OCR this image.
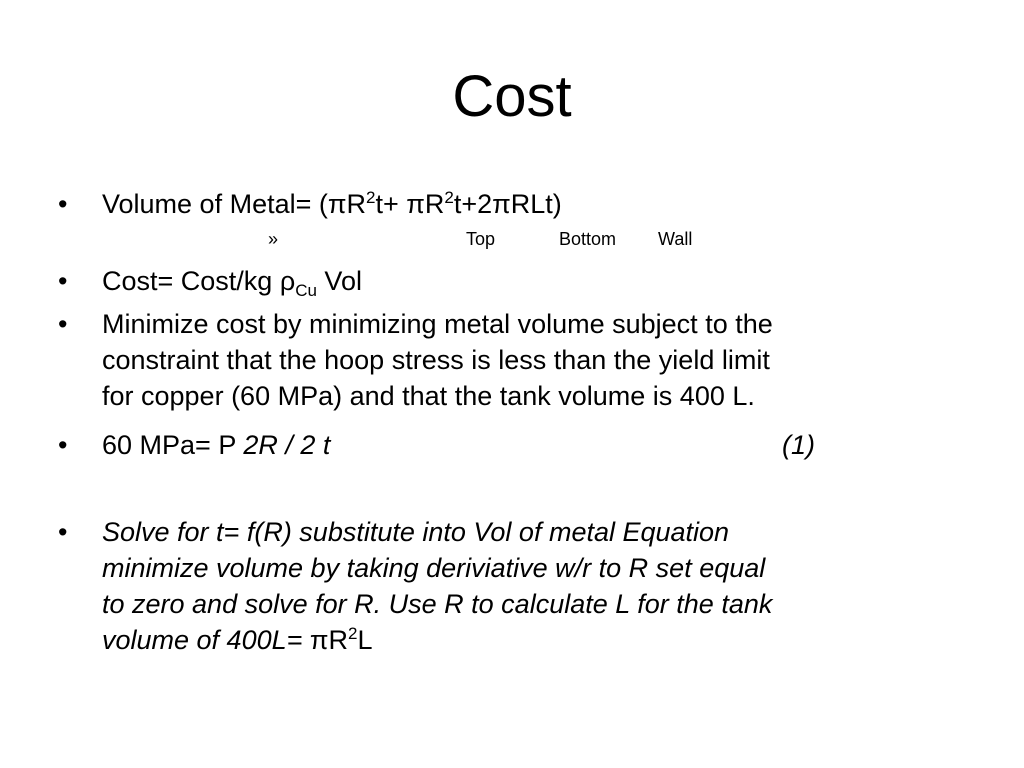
Cost
•	Volume of Metal= $(\pi R^2t+ \pi R^2t+2\pi RLt)$
»	Top	Bottom Wall
•	Cost= Cost/kg $\rho_{Cu}$ Vol
•	Minimize cost by minimizing metal volume subject to the
constraint that the hoop stress is less than the yield limit
for copper (60 MPa) and that the tank volume is 400 L.
•	60 MPa= P 2R / 2 t	(1)
•	Solve for t= f(R) substitute into Vol of metal Equation
minimize volume by taking deriviative w/r to R set equal
to zero and solve for R. Use R to calculate L for the tank
volume of $400L= \pi R^2L$
